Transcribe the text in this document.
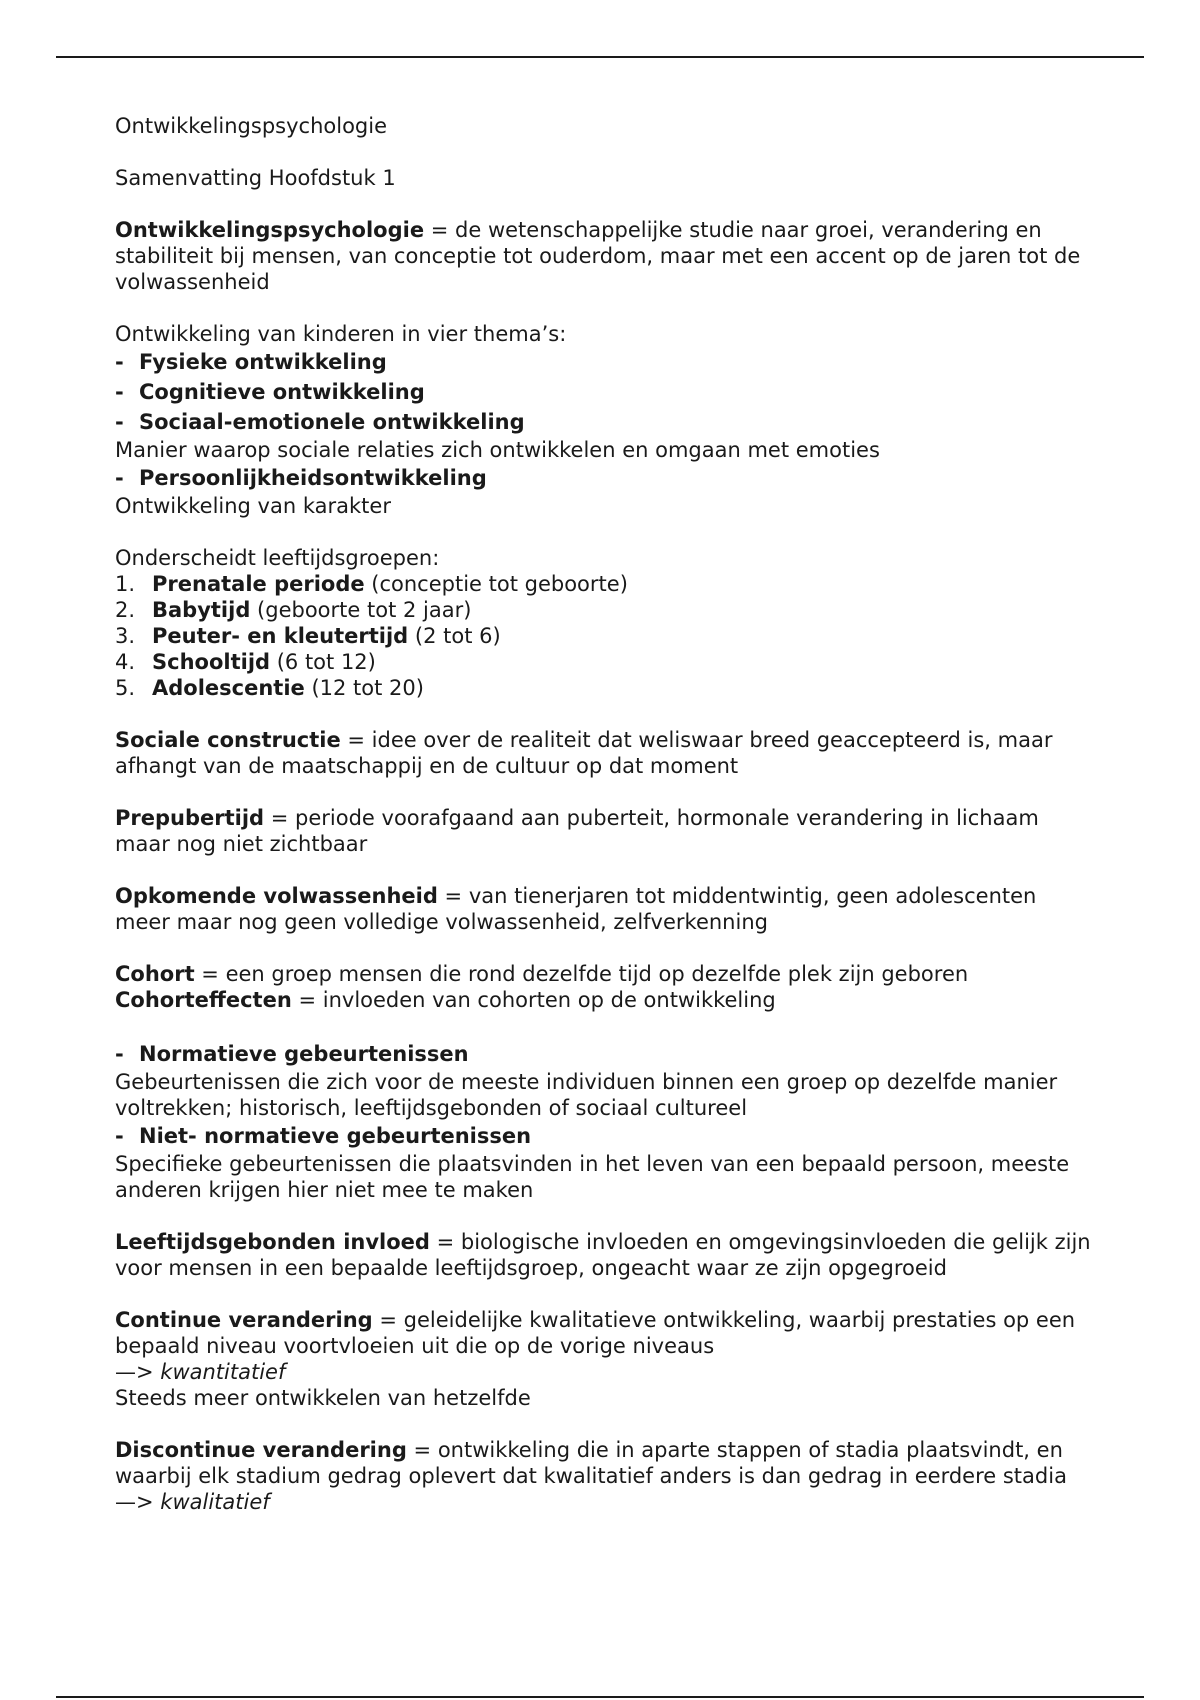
Ontwikkelingspsychologie

Samenvatting Hoofdstuk 1

Ontwikkelingspsychologie = de wetenschappelijke studie naar groei, verandering en stabiliteit bij mensen, van conceptie tot ouderdom, maar met een accent op de jaren tot de volwassenheid

Ontwikkeling van kinderen in vier thema’s:

- Fysieke ontwikkeling
- Cognitieve ontwikkeling
- Sociaal-emotionele ontwikkeling

Manier waarop sociale relaties zich ontwikkelen en omgaan met emoties

- Persoonlijkheidsontwikkeling

Ontwikkeling van karakter

Onderscheidt leeftijdsgroepen:

1. Prenatale periode (conceptie tot geboorte)
2. Babytijd (geboorte tot 2 jaar)
3. Peuter- en kleutertijd (2 tot 6)
4. Schooltijd (6 tot 12)
5. Adolescentie (12 tot 20)

Sociale constructie = idee over de realiteit dat weliswaar breed geaccepteerd is, maar afhangt van de maatschappij en de cultuur op dat moment

Prepubertijd = periode voorafgaand aan puberteit, hormonale verandering in lichaam maar nog niet zichtbaar

Opkomende volwassenheid = van tienerjaren tot middentwintig, geen adolescenten meer maar nog geen volledige volwassenheid, zelfverkenning

Cohort = een groep mensen die rond dezelfde tijd op dezelfde plek zijn geboren

Cohorteffecten = invloeden van cohorten op de ontwikkeling

- Normatieve gebeurtenissen

Gebeurtenissen die zich voor de meeste individuen binnen een groep op dezelfde manier voltrekken; historisch, leeftijdsgebonden of sociaal cultureel

- Niet- normatieve gebeurtenissen

Specifieke gebeurtenissen die plaatsvinden in het leven van een bepaald persoon, meeste anderen krijgen hier niet mee te maken

Leeftijdsgebonden invloed = biologische invloeden en omgevingsinvloeden die gelijk zijn voor mensen in een bepaalde leeftijdsgroep, ongeacht waar ze zijn opgegroeid

Continue verandering = geleidelijke kwalitatieve ontwikkeling, waarbij prestaties op een bepaald niveau voortvloeien uit die op de vorige niveaus

—> kwantitatief

Steeds meer ontwikkelen van hetzelfde

Discontinue verandering = ontwikkeling die in aparte stappen of stadia plaatsvindt, en waarbij elk stadium gedrag oplevert dat kwalitatief anders is dan gedrag in eerdere stadia

—> kwalitatief
